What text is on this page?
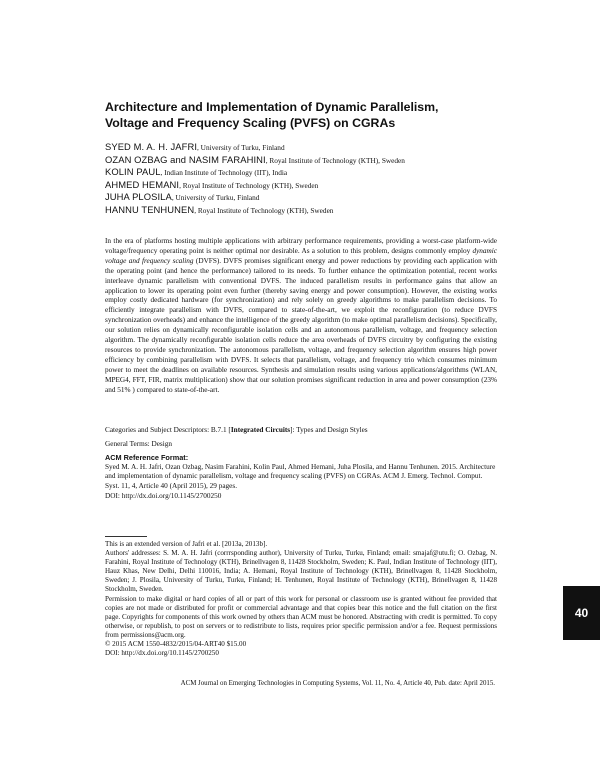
Architecture and Implementation of Dynamic Parallelism,
Voltage and Frequency Scaling (PVFS) on CGRAs
SYED M. A. H. JAFRI, University of Turku, Finland
OZAN OZBAG and NASIM FARAHINI, Royal Institute of Technology (KTH), Sweden
KOLIN PAUL, Indian Institute of Technology (IIT), India
AHMED HEMANI, Royal Institute of Technology (KTH), Sweden
JUHA PLOSILA, University of Turku, Finland
HANNU TENHUNEN, Royal Institute of Technology (KTH), Sweden
In the era of platforms hosting multiple applications with arbitrary performance requirements, providing a worst-case platform-wide voltage/frequency operating point is neither optimal nor desirable. As a solution to this problem, designs commonly employ dynamic voltage and frequency scaling (DVFS). DVFS promises significant energy and power reductions by providing each application with the operating point (and hence the performance) tailored to its needs. To further enhance the optimization potential, recent works interleave dynamic parallelism with conventional DVFS. The induced parallelism results in performance gains that allow an application to lower its operating point even further (thereby saving energy and power consumption). However, the existing works employ costly dedicated hardware (for synchronization) and rely solely on greedy algorithms to make parallelism decisions. To efficiently integrate parallelism with DVFS, compared to state-of-the-art, we exploit the reconfiguration (to reduce DVFS synchronization overheads) and enhance the intelligence of the greedy algorithm (to make optimal parallelism decisions). Specifically, our solution relies on dynamically reconfigurable isolation cells and an autonomous parallelism, voltage, and frequency selection algorithm. The dynamically reconfigurable isolation cells reduce the area overheads of DVFS circuitry by configuring the existing resources to provide synchronization. The autonomous parallelism, voltage, and frequency selection algorithm ensures high power efficiency by combining parallelism with DVFS. It selects that parallelism, voltage, and frequency trio which consumes minimum power to meet the deadlines on available resources. Synthesis and simulation results using various applications/algorithms (WLAN, MPEG4, FFT, FIR, matrix multiplication) show that our solution promises significant reduction in area and power consumption (23% and 51% ) compared to state-of-the-art.
Categories and Subject Descriptors: B.7.1 [Integrated Circuits]: Types and Design Styles
General Terms: Design
ACM Reference Format:
Syed M. A. H. Jafri, Ozan Ozbag, Nasim Farahini, Kolin Paul, Ahmed Hemani, Juha Plosila, and Hannu Tenhunen. 2015. Architecture and implementation of dynamic parallelism, voltage and frequency scaling (PVFS) on CGRAs. ACM J. Emerg. Technol. Comput. Syst. 11, 4, Article 40 (April 2015), 29 pages.
DOI: http://dx.doi.org/10.1145/2700250

This is an extended version of Jafri et al. [2013a, 2013b].

Authors' addresses: S. M. A. H. Jafri (corrrsponding author), University of Turku, Turku, Finland; email: smajaf@utu.fi; O. Ozbag, N. Farahini, Royal Institute of Technology (KTH), Brinellvagen 8, 11428 Stockholm, Sweden; K. Paul, Indian Institute of Technology (IIT), Hauz Khas, New Delhi, Delhi 110016, India; A. Hemani, Royal Institute of Technology (KTH), Brinellvagen 8, 11428 Stockholm, Sweden; J. Plosila, University of Turku, Turku, Finland; H. Tenhunen, Royal Institute of Technology (KTH), Brinellvagen 8, 11428 Stockholm, Sweden.

Permission to make digital or hard copies of all or part of this work for personal or classroom use is granted without fee provided that copies are not made or distributed for profit or commercial advantage and that copies bear this notice and the full citation on the first page. Copyrights for components of this work owned by others than ACM must be honored. Abstracting with credit is permitted. To copy otherwise, or republish, to post on servers or to redistribute to lists, requires prior specific permission and/or a fee. Request permissions from permissions@acm.org.

© 2015 ACM 1550-4832/2015/04-ART40 $15.00

DOI: http://dx.doi.org/10.1145/2700250

40
ACM Journal on Emerging Technologies in Computing Systems, Vol. 11, No. 4, Article 40, Pub. date: April 2015.
